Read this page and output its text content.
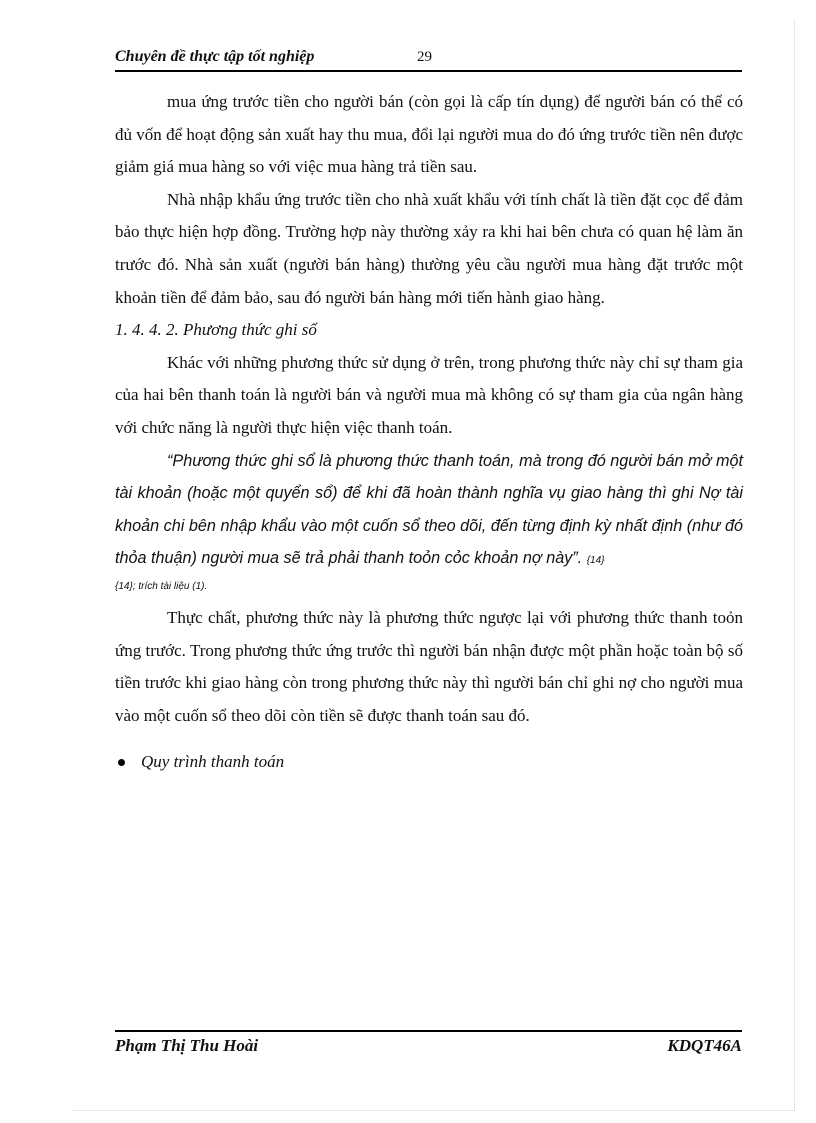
Chuyên đề thực tập tốt nghiệp	29

mua ứng trước tiền cho người bán (còn gọi là cấp tín dụng) để người bán có thể có đủ vốn để hoạt động sản xuất hay thu mua, đổi lại người mua do đó ứng trước tiền nên được giảm giá mua hàng so với việc mua hàng trả tiền sau.

Nhà nhập khẩu ứng trước tiền cho nhà xuất khẩu với tính chất là tiền đặt cọc để đảm bảo thực hiện hợp đồng. Trường hợp này thường xảy ra khi hai bên chưa có quan hệ làm ăn trước đó. Nhà sản xuất (người bán hàng) thường yêu cầu người mua hàng đặt trước một khoản tiền để đảm bảo, sau đó người bán hàng mới tiến hành giao hàng.

1. 4. 4. 2. Phương thức ghi sổ

Khác với những phương thức sử dụng ở trên, trong phương thức này chỉ sự tham gia của hai bên thanh toán là người bán và người mua mà không có sự tham gia của ngân hàng với chức năng là người thực hiện việc thanh toán.

“Phương thức ghi sổ là phương thức thanh toán, mà trong đó người bán mở một tài khoản (hoặc một quyển sổ) để khi đã hoàn thành nghĩa vụ giao hàng thì ghi Nợ tài khoản chi bên nhập khẩu vào một cuốn sổ theo dõi, đến từng định kỳ nhất định (như đó thỏa thuận) người mua sẽ trả phải thanh toỏn cỏc khoản nợ này”. {14}

{14}; trích tài liệu (1).

Thực chất, phương thức này là phương thức ngược lại với phương thức thanh toỏn ứng trước. Trong phương thức ứng trước thì người bán nhận được một phần hoặc toàn bộ số tiền trước khi giao hàng còn trong phương thức này thì người bán chỉ ghi nợ cho người mua vào một cuốn sổ theo dõi còn tiền sẽ được thanh toán sau đó.

Quy trình thanh toán
Phạm Thị Thu Hoài	KDQT46A
